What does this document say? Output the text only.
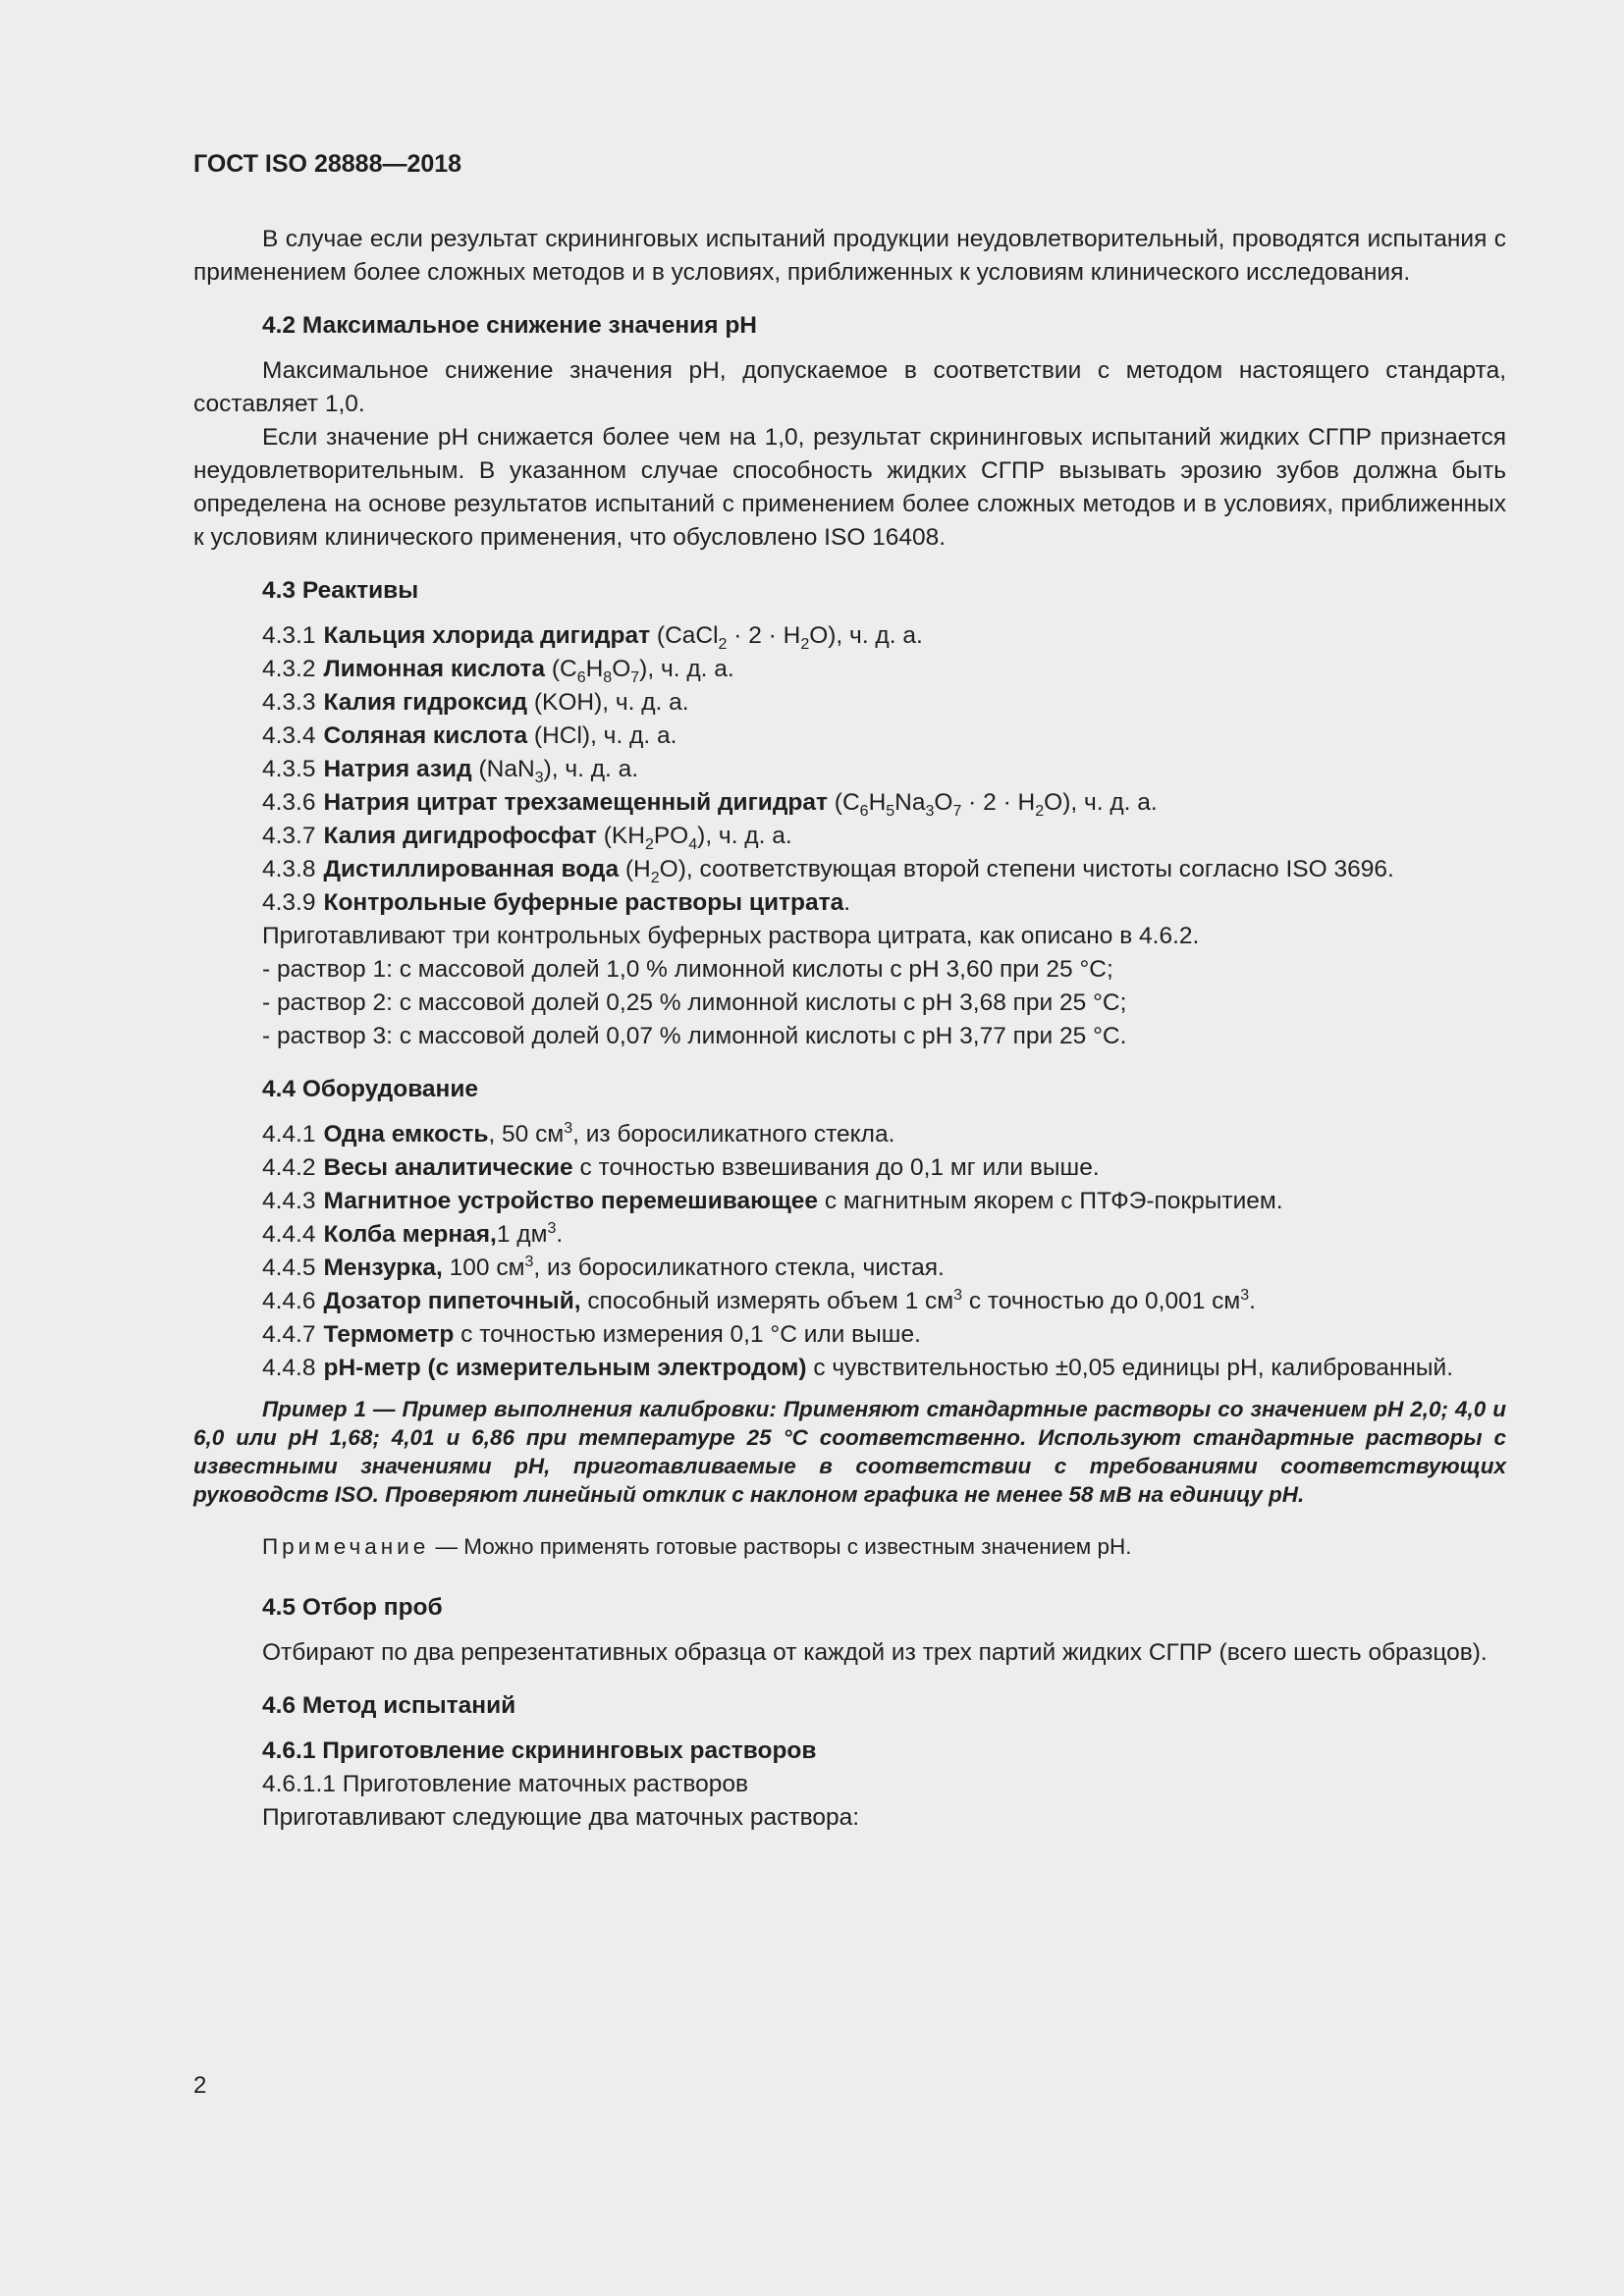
ГОСТ ISO 28888—2018

В случае если результат скрининговых испытаний продукции неудовлетворительный, проводятся испытания с применением более сложных методов и в условиях, приближенных к условиям клинического исследования.

4.2 Максимальное снижение значения рН

Максимальное снижение значения рН, допускаемое в соответствии с методом настоящего стандарта, составляет 1,0.

Если значение рН снижается более чем на 1,0, результат скрининговых испытаний жидких СГПР признается неудовлетворительным. В указанном случае способность жидких СГПР вызывать эрозию зубов должна быть определена на основе результатов испытаний с применением более сложных методов и в условиях, приближенных к условиям клинического применения, что обусловлено ISO 16408.

4.3 Реактивы
4.3.1 Кальция хлорида дигидрат (CaCl$_2$ · $2 \cdot H_2O$), ч. д. а.
4.3.2 Лимонная кислота $(C_6H_8O_7)$, ч. д. а.
4.3.3 Калия гидроксид (KOH), ч. д. а.
4.3.4 Соляная кислота (HCl), ч. д. а.
4.3.5 Натрия азид (NaN$_3$), ч. д. а.
4.3.6 Натрия цитрат трехзамещенный дигидрат $(C_6H_5Na_3O_7 \cdot 2 \cdot H_2O)$, ч. д. а.
4.3.7 Калия дигидрофосфат $(KH_2PO_4)$, ч. д. а.

4.3.8 Дистиллированная вода $(H_2O)$, соответствующая второй степени чистоты согласно ISO 3696.

4.3.9 Контрольные буферные растворы цитрата.
Приготавливают три контрольных буферных раствора цитрата, как описано в 4.6.2.
- раствор 1: с массовой долей 1,0 % лимонной кислоты с рН 3,60 при 25 °С;
- раствор 2: с массовой долей 0,25 % лимонной кислоты с рН 3,68 при 25 °С;
- раствор 3: с массовой долей 0,07 % лимонной кислоты с рН 3,77 при 25 °С.
4.4 Оборудование
4.4.1 Одна емкость, 50 $см^3$, из боросиликатного стекла.
4.4.2 Весы аналитические с точностью взвешивания до 0,1 мг или выше.
4.4.3 Магнитное устройство перемешивающее с магнитным якорем с ПТФЭ-покрытием.
4.4.4 Колба мерная,1 $дм^3$.
4.4.5 Мензурка, 100 $см^3$, из боросиликатного стекла, чистая.
4.4.6 Дозатор пипеточный, способный измерять объем 1 $см^3$ с точностью до 0,001 $см^3$.
4.4.7 Термометр с точностью измерения 0,1 °С или выше.

4.4.8 рН-метр (с измерительным электродом) с чувствительностью ±0,05 единицы рН, калиброванный.

Пример 1 — Пример выполнения калибровки: Применяют стандартные растворы со значением рН 2,0; 4,0 и 6,0 или рН 1,68; 4,01 и 6,86 при температуре 25 °С соответственно. Используют стандартные растворы с известными значениями рН, приготавливаемые в соответствии с требованиями соответствующих руководств ISO. Проверяют линейный отклик с наклоном графика не менее 58 мВ на единицу рН.

Примечание — Можно применять готовые растворы с известным значением рН.
4.5 Отбор проб

Отбирают по два репрезентативных образца от каждой из трех партий жидких СГПР (всего шесть образцов).

4.6 Метод испытаний
4.6.1 Приготовление скрининговых растворов
4.6.1.1 Приготовление маточных растворов
Приготавливают следующие два маточных раствора:
2
